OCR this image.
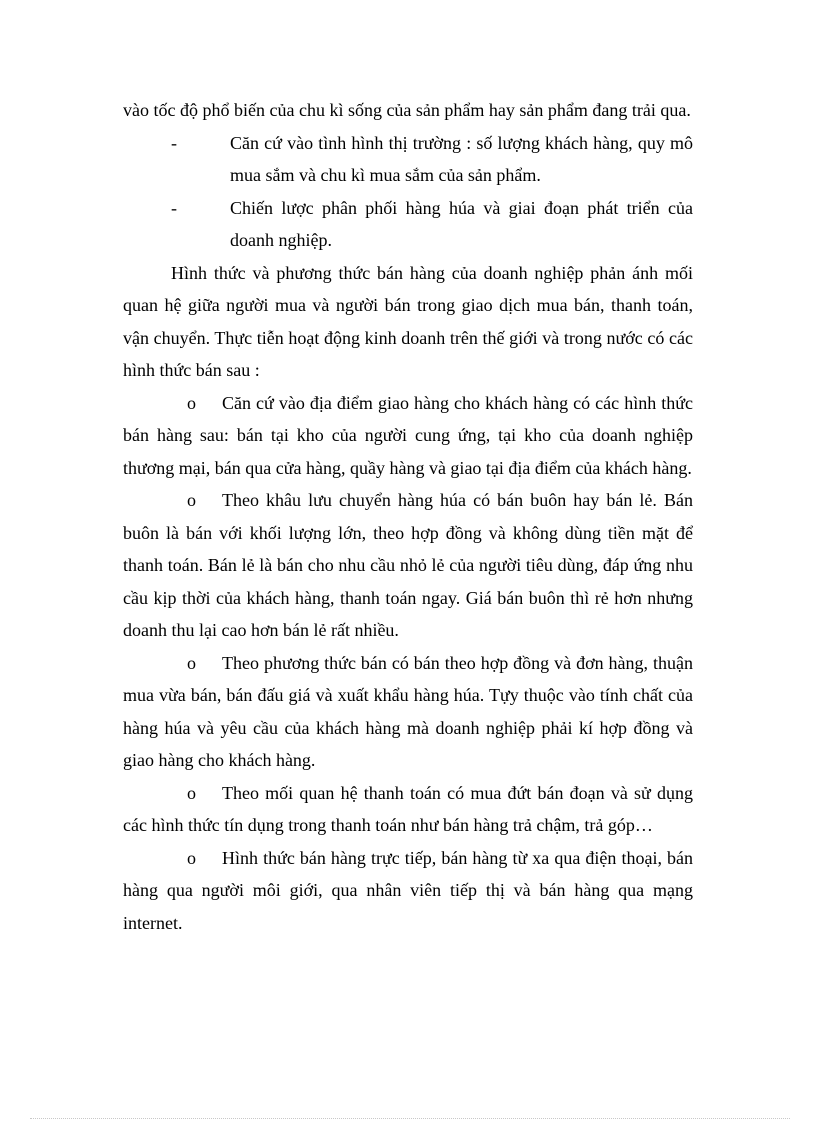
vào tốc độ phổ biến của chu kì sống của sản phẩm hay sản phẩm đang trải qua.

-	Căn cứ vào tình hình thị trường : số lượng khách hàng, quy mô mua sắm và chu kì mua sắm của sản phẩm.

-	Chiến lược phân phối hàng húa và giai đoạn phát triển của doanh nghiệp.

Hình thức và phương thức bán hàng của doanh nghiệp phản ánh mối quan hệ giữa người mua và người bán trong giao dịch mua bán, thanh toán, vận chuyển. Thực tiễn hoạt động kinh doanh trên thế giới và trong nước có các hình thức bán sau :

o Căn cứ vào địa điểm giao hàng cho khách hàng có các hình thức bán hàng sau: bán tại kho của người cung ứng, tại kho của doanh nghiệp thương mại, bán qua cửa hàng, quầy hàng và giao tại địa điểm của khách hàng.

o Theo khâu lưu chuyển hàng húa có bán buôn hay bán lẻ. Bán buôn là bán với khối lượng lớn, theo hợp đồng và không dùng tiền mặt để thanh toán. Bán lẻ là bán cho nhu cầu nhỏ lẻ của người tiêu dùng, đáp ứng nhu cầu kịp thời của khách hàng, thanh toán ngay. Giá bán buôn thì rẻ hơn nhưng doanh thu lại cao hơn bán lẻ rất nhiều.

o Theo phương thức bán có bán theo hợp đồng và đơn hàng, thuận mua vừa bán, bán đấu giá và xuất khẩu hàng húa. Tựy thuộc vào tính chất của hàng húa và yêu cầu của khách hàng mà doanh nghiệp phải kí hợp đồng và giao hàng cho khách hàng.

o Theo mối quan hệ thanh toán có mua đứt bán đoạn và sử dụng các hình thức tín dụng trong thanh toán như bán hàng trả chậm, trả góp…

o Hình thức bán hàng trực tiếp, bán hàng từ xa qua điện thoại, bán hàng qua người môi giới, qua nhân viên tiếp thị và bán hàng qua mạng internet.
